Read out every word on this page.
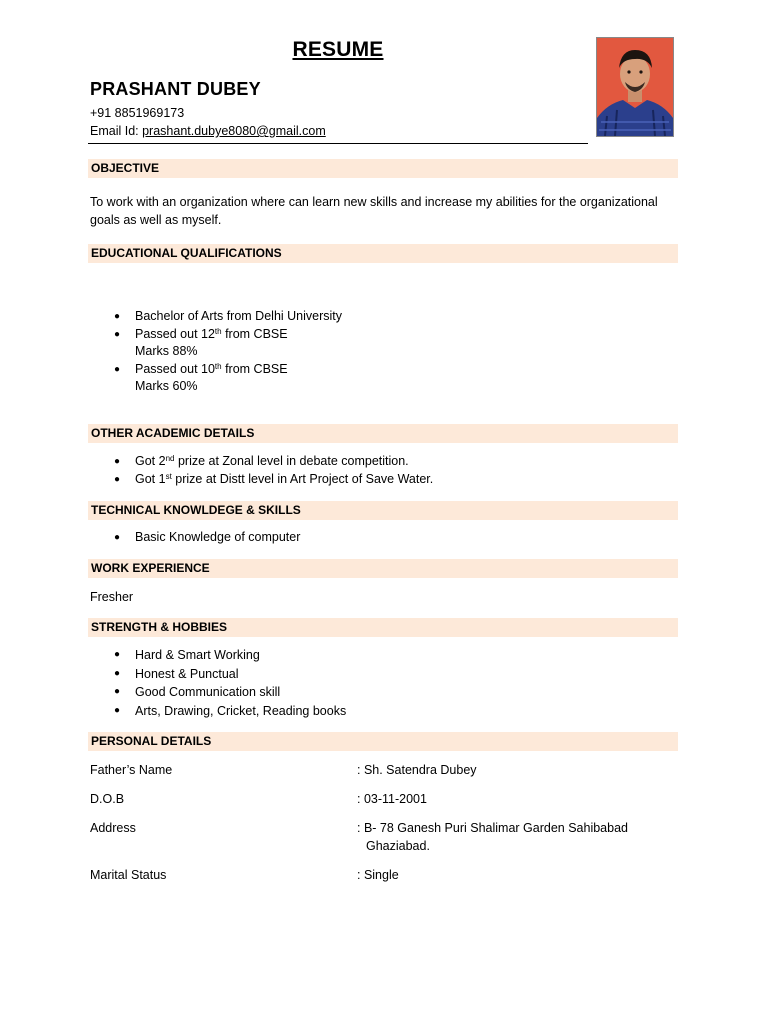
RESUME
PRASHANT DUBEY
+91 8851969173
Email Id: prashant.dubye8080@gmail.com
OBJECTIVE
To work with an organization where can learn new skills and increase my abilities for the organizational goals as well as myself.
EDUCATIONAL QUALIFICATIONS
● Bachelor of Arts from Delhi University
● Passed out 12th from CBSE
Marks 88%
● Passed out 10th from CBSE
Marks 60%
OTHER ACADEMIC DETAILS
● Got 2nd prize at Zonal level in debate competition.
● Got 1st prize at Distt level in Art Project of Save Water.
TECHNICAL KNOWLDEGE & SKILLS
● Basic Knowledge of computer
WORK EXPERIENCE
Fresher
STRENGTH & HOBBIES
● Hard & Smart Working
● Honest & Punctual
● Good Communication skill
● Arts, Drawing, Cricket, Reading books
PERSONAL DETAILS
Father’s Name	: Sh. Satendra Dubey
D.O.B	: 03-11-2001
Address	: B- 78 Ganesh Puri Shalimar Garden Sahibabad
Ghaziabad.
Marital Status	: Single
